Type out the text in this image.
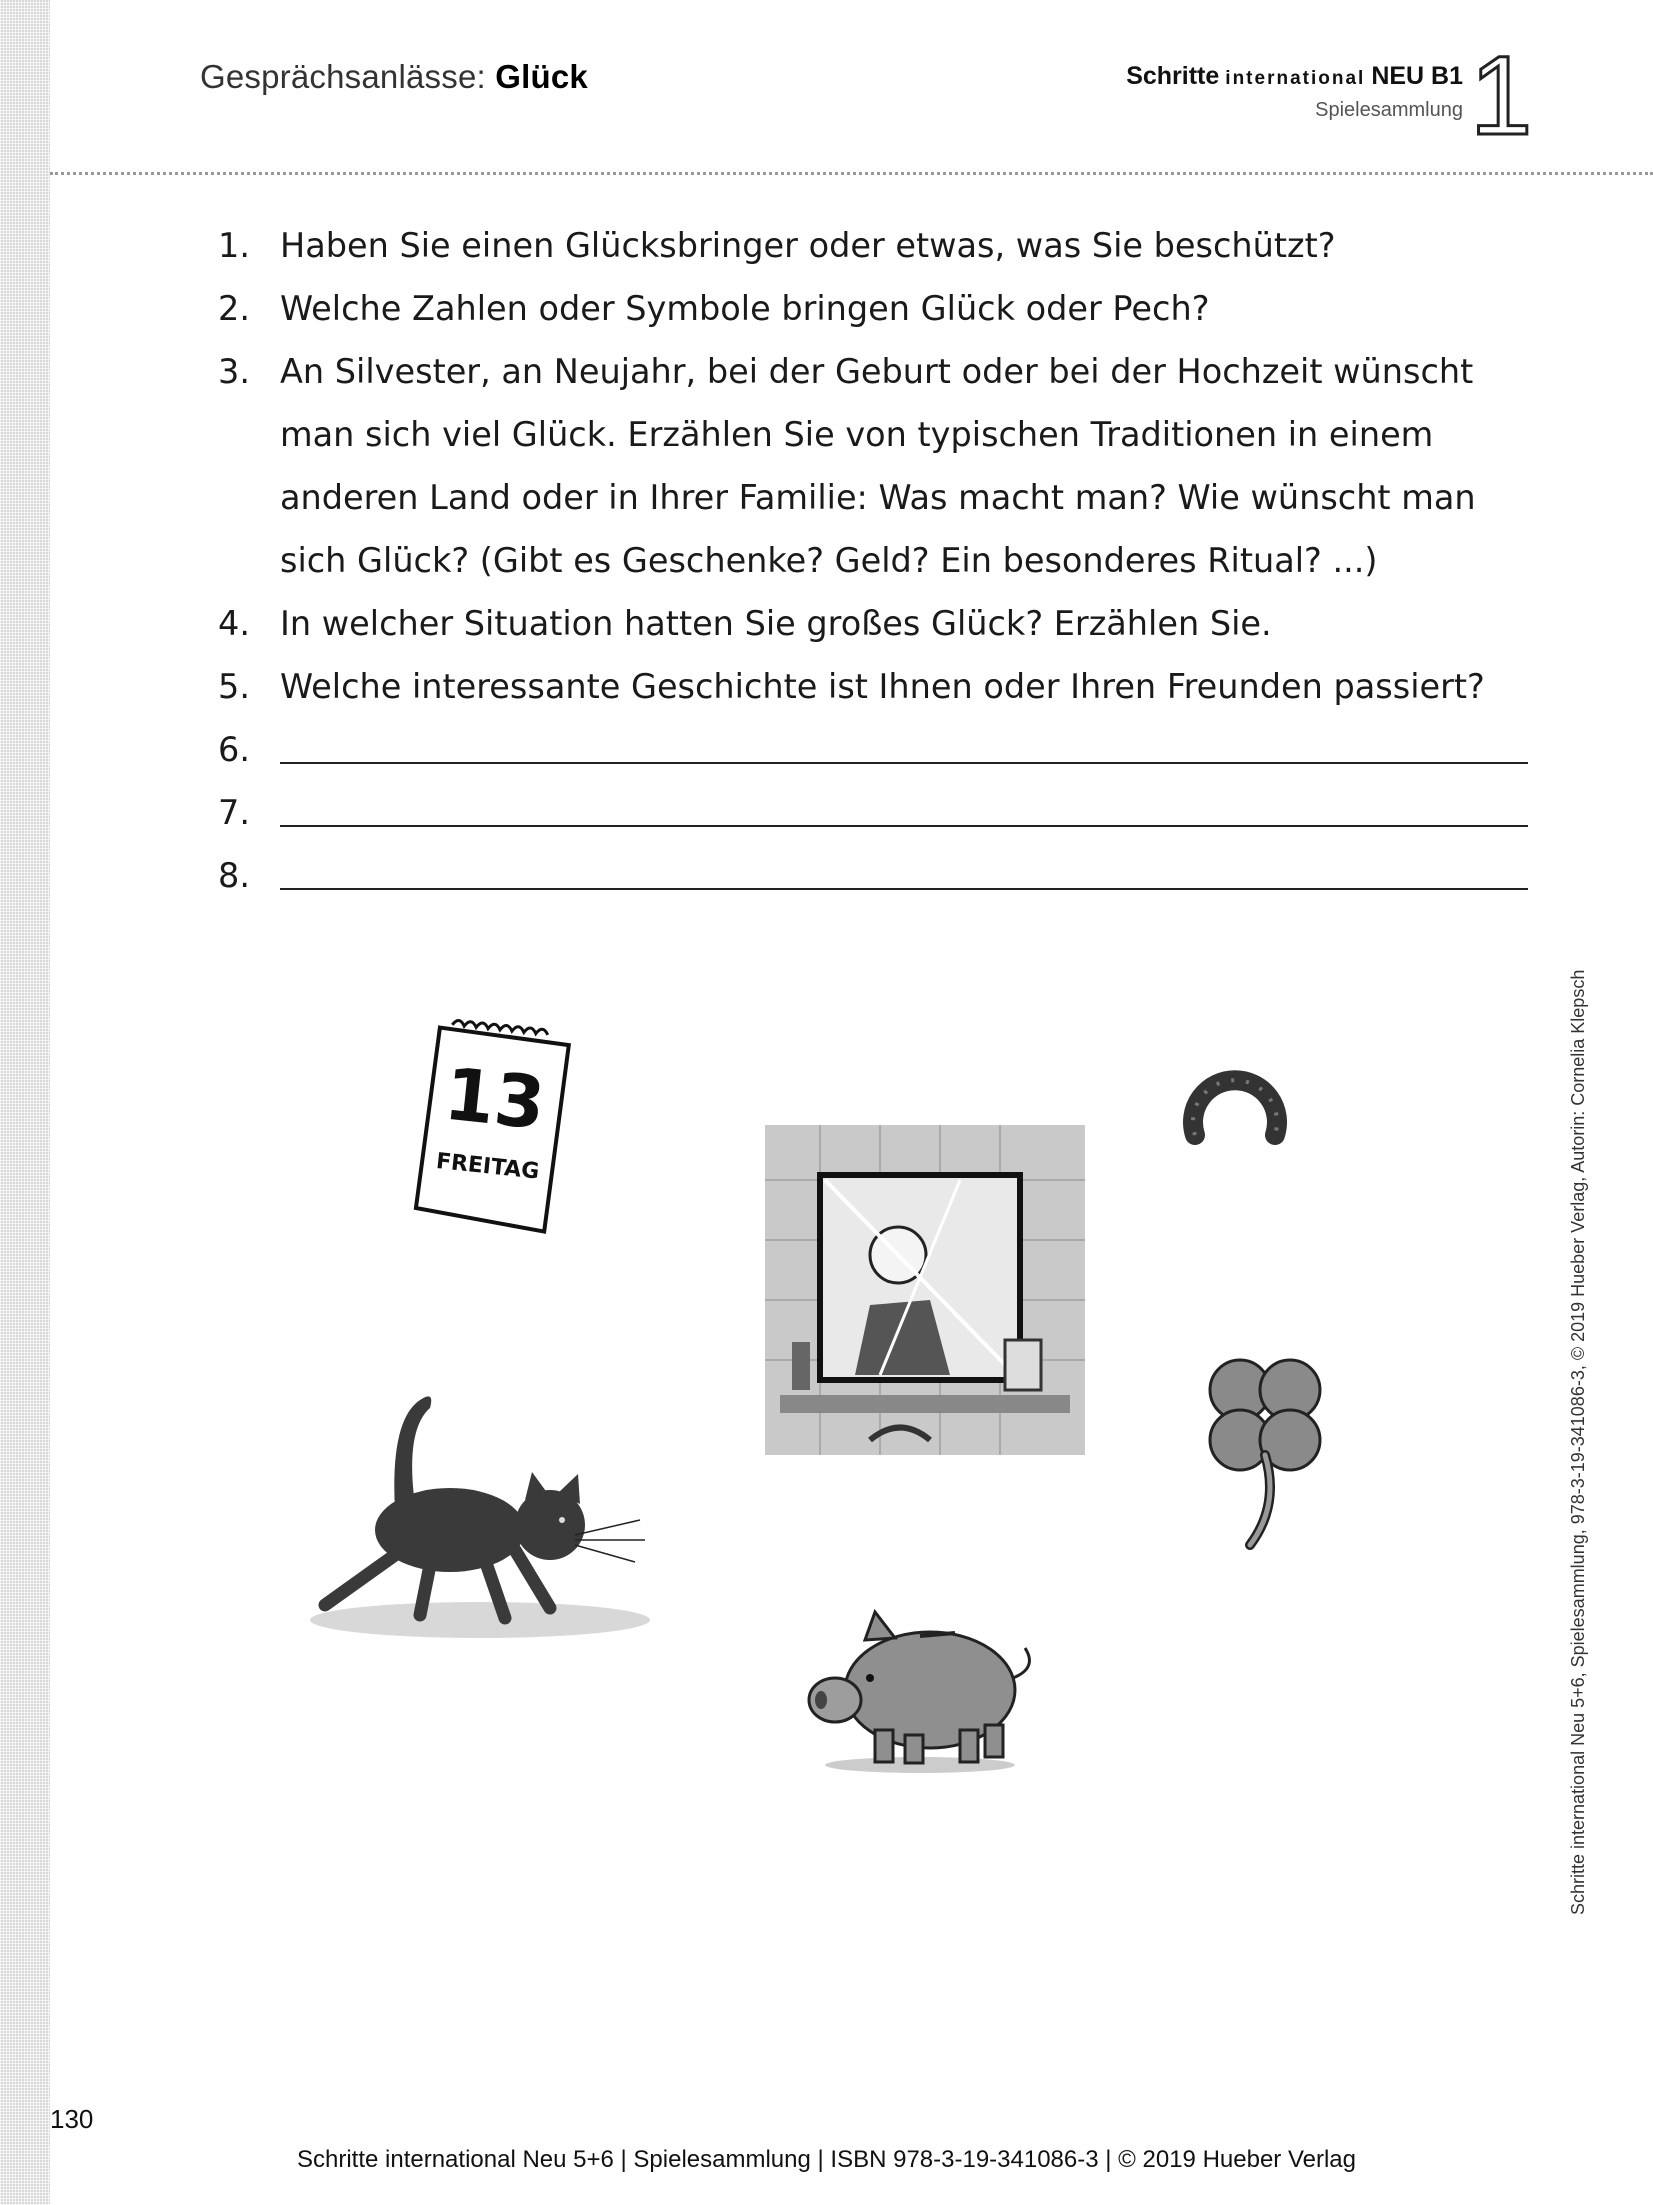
Gesprächsanlässe: Glück	Schritte international NEU B1
Spielesammlung 1
1. Haben Sie einen Glücksbringer oder etwas, was Sie beschützt?
2. Welche Zahlen oder Symbole bringen Glück oder Pech?
3. An Silvester, an Neujahr, bei der Geburt oder bei der Hochzeit wünscht man sich viel Glück. Erzählen Sie von typischen Traditionen in einem anderen Land oder in Ihrer Familie: Was macht man? Wie wünscht man sich Glück? (Gibt es Geschenke? Geld? Ein besonderes Ritual? ...)
4. In welcher Situation hatten Sie großes Glück? Erzählen Sie.
5. Welche interessante Geschichte ist Ihnen oder Ihren Freunden passiert?
6.
7.
8.
13
FREITAG
130
Schritte international Neu 5+6 | Spielesammlung | ISBN 978-3-19-341086-3 | © 2019 Hueber Verlag
Schritte international Neu 5+6, Spielesammlung, 978-3-19-341086-3, © 2019 Hueber Verlag, Autorin: Cornelia Klepsch
